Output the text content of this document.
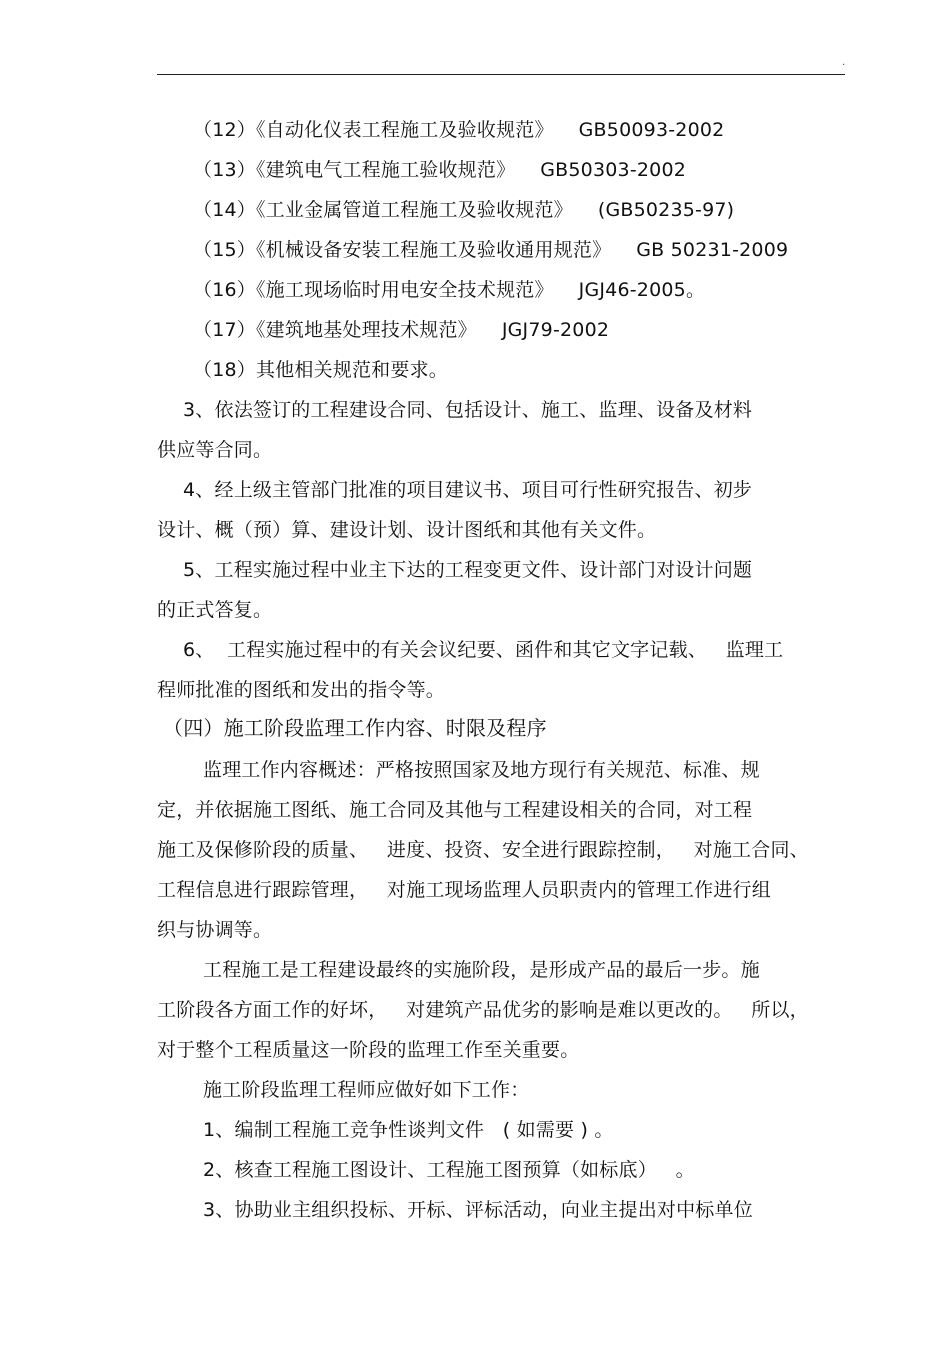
.
（12）《自动化仪表工程施工及验收规范》    GB50093-2002
（13）《建筑电气工程施工验收规范》    GB50303-2002
（14）《工业金属管道工程施工及验收规范》    (GB50235-97)
（15）《机械设备安装工程施工及验收通用规范》    GB 50231-2009
（16）《施工现场临时用电安全技术规范》    JGJ46-2005。
（17）《建筑地基处理技术规范》    JGJ79-2002
（18）其他相关规范和要求。
3、依法签订的工程建设合同、包括设计、施工、监理、设备及材料
供应等合同。
4、经上级主管部门批准的项目建议书、项目可行性研究报告、初步
设计、概（预）算、建设计划、设计图纸和其他有关文件。
5、工程实施过程中业主下达的工程变更文件、设计部门对设计问题
的正式答复。
6、  工程实施过程中的有关会议纪要、函件和其它文字记载、   监理工
程师批准的图纸和发出的指令等。
（四）施工阶段监理工作内容、时限及程序
监理工作内容概述：严格按照国家及地方现行有关规范、标准、规
定，并依据施工图纸、施工合同及其他与工程建设相关的合同，对工程
施工及保修阶段的质量、   进度、投资、安全进行跟踪控制，   对施工合同、
工程信息进行跟踪管理，   对施工现场监理人员职责内的管理工作进行组
织与协调等。
工程施工是工程建设最终的实施阶段，是形成产品的最后一步。施
工阶段各方面工作的好坏，   对建筑产品优劣的影响是难以更改的。   所以，
对于整个工程质量这一阶段的监理工作至关重要。
施工阶段监理工程师应做好如下工作：
1、编制工程施工竞争性谈判文件   ( 如需要 ) 。
2、核查工程施工图设计、工程施工图预算（如标底）   。
3、协助业主组织投标、开标、评标活动，向业主提出对中标单位
